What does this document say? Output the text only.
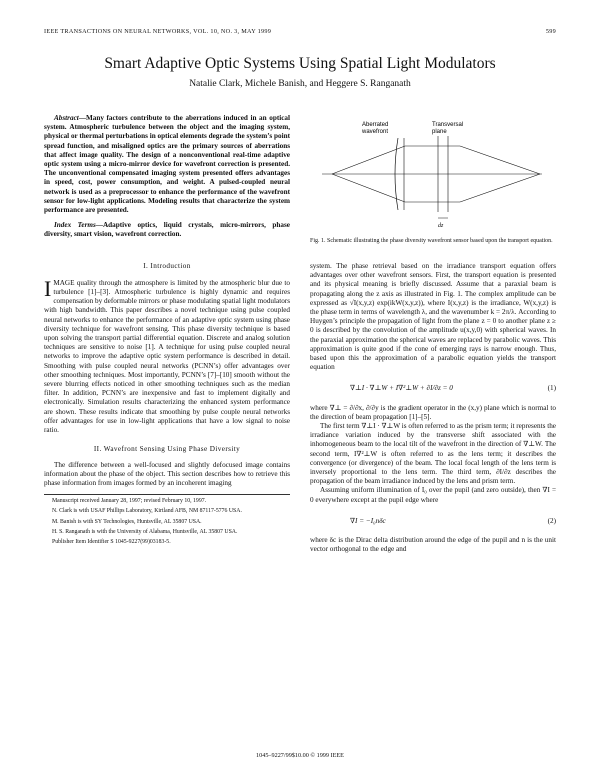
IEEE TRANSACTIONS ON NEURAL NETWORKS, VOL. 10, NO. 3, MAY 1999	599
Smart Adaptive Optic Systems Using Spatial Light Modulators
Natalie Clark, Michele Banish, and Heggere S. Ranganath

Abstract—Many factors contribute to the aberrations induced in an optical system. Atmospheric turbulence between the object and the imaging system, physical or thermal perturbations in optical elements degrade the system’s point spread function, and misaligned optics are the primary sources of aberrations that affect image quality. The design of a nonconventional real-time adaptive optic system using a micro-mirror device for wavefront correction is presented. The unconventional compensated imaging system presented offers advantages in speed, cost, power consumption, and weight. A pulsed-coupled neural network is used as a preprocessor to enhance the performance of the wavefront sensor for low-light applications. Modeling results that characterize the system performance are presented.

Index Terms—Adaptive optics, liquid crystals, micro-mirrors, phase diversity, smart vision, wavefront correction.

I. Introduction

IMAGE quality through the atmosphere is limited by the atmospheric blur due to turbulence [1]–[3]. Atmospheric turbulence is highly dynamic and requires compensation by deformable mirrors or phase modulating spatial light modulators with high bandwidth. This paper describes a novel technique using pulse coupled neural networks to enhance the performance of an adaptive optic system using phase diversity technique for wavefront sensing. This phase diversity technique is based upon solving the transport partial differential equation. Discrete and analog solution techniques are sensitive to noise [1]. A technique for using pulse coupled neural networks to improve the adaptive optic system performance is described in detail. Smoothing with pulse coupled neural networks (PCNN’s) offer advantages over other smoothing techniques. Most importantly, PCNN’s [7]–[10] smooth without the severe blurring effects noticed in other smoothing techniques such as the median filter. In addition, PCNN’s are inexpensive and fast to implement digitally and electronically. Simulation results characterizing the enhanced system performance are shown. These results indicate that smoothing by pulse couple neural networks offer advantages for use in low-light applications that have a low signal to noise ratio.

II. Wavefront Sensing Using Phase Diversity

The difference between a well-focused and slightly defocused image contains information about the phase of the object. This section describes how to retrieve this phase information from images formed by an incoherent imaging

Manuscript received January 28, 1997; revised February 10, 1997.

N. Clark is with USAF Phillips Laboratory, Kirtland AFB, NM 87117-5776 USA.

M. Banish is with SY Technologies, Huntsville, AL 35807 USA.

H. S. Ranganath is with the University of Alabama, Huntsville, AL 35807 USA.

Publisher Item Identifier S 1045-9227(99)03183-5.

Aberrated wavefront
Transversal plane
dz
Fig. 1. Schematic illustrating the phase diversity wavefront sensor based upon the transport equation.

system. The phase retrieval based on the irradiance transport equation offers advantages over other wavefront sensors. First, the transport equation is presented and its physical meaning is briefly discussed. Assume that a paraxial beam is propagating along the z axis as illustrated in Fig. 1. The complex amplitude can be expressed as √I(x,y,z) exp(ikW(x,y,z)), where I(x,y,z) is the irradiance, W(x,y,z) is the phase term in terms of wavelength λ, and the wavenumber k = 2π/λ. According to Huygen’s principle the propagation of light from the plane z = 0 to another plane z ≥ 0 is described by the convolution of the amplitude u(x,y,0) with spherical waves. In the paraxial approximation the spherical waves are replaced by parabolic waves. This approximation is quite good if the cone of emerging rays is narrow enough. Thus, based upon this the approximation of a parabolic equation yields the transport equation

∇⊥I · ∇⊥W + I∇²⊥W + ∂I/∂z = 0	(1)

where ∇⊥ = ∂/∂x, ∂/∂y is the gradient operator in the (x,y) plane which is normal to the direction of beam propagation [1]–[5].

The first term ∇⊥I · ∇⊥W is often referred to as the prism term; it represents the irradiance variation induced by the transverse shift associated with the inhomogeneous beam to the local tilt of the wavefront in the direction of ∇⊥W. The second term, I∇²⊥W is often referred to as the lens term; it describes the convergence (or divergence) of the beam. The local focal length of the lens term is inversely proportional to the lens term. The third term, ∂I/∂z describes the propagation of the beam irradiance induced by the lens and prism term.

Assuming uniform illumination of I₀ over the pupil (and zero outside), then ∇I = 0 everywhere except at the pupil edge where

∇I = −I₀nδc	(2)

where δc is the Dirac delta distribution around the edge of the pupil and n is the unit vector orthogonal to the edge and

1045–9227/99$10.00 © 1999 IEEE
